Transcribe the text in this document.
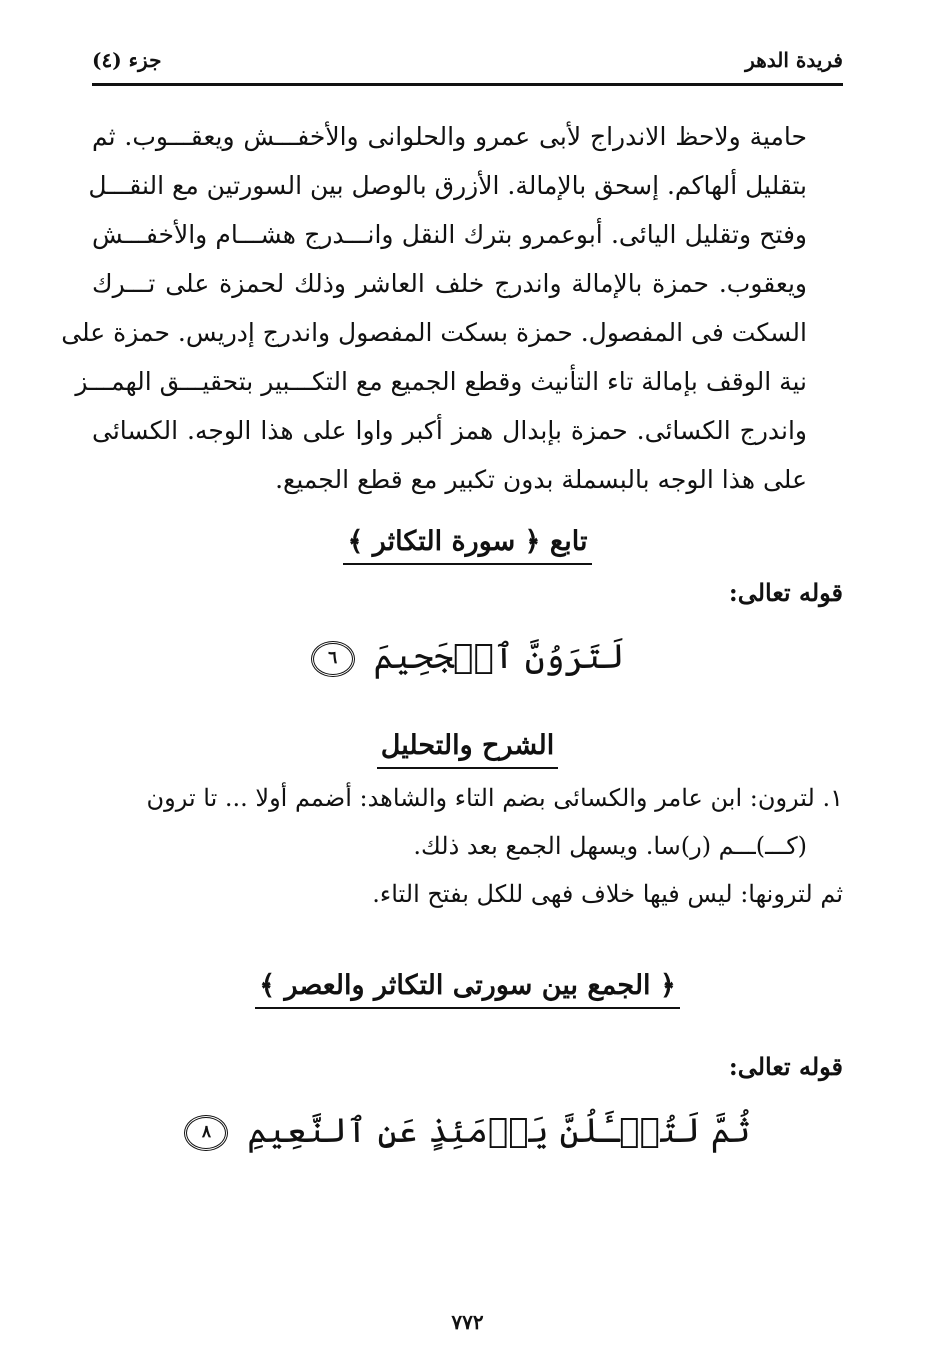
فريدة الدهر
جزء (٤)
حامية ولاحظ الاندراج لأبى عمرو والحلوانى والأخفـــش ويعقـــوب. ثم
بتقليل ألهاكم. إسحق بالإمالة. الأزرق بالوصل بين السورتين مع النقـــل
وفتح وتقليل اليائى. أبوعمرو بترك النقل وانـــدرج هشـــام والأخفـــش
ويعقوب. حمزة بالإمالة واندرج خلف العاشر وذلك لحمزة على تـــرك
السكت فى المفصول. حمزة بسكت المفصول واندرج إدريس. حمزة على
نية الوقف بإمالة تاء التأنيث وقطع الجميع مع التكـــبير بتحقيـــق الهمـــز
واندرج الكسائى. حمزة بإبدال همز أكبر واوا على هذا الوجه. الكسائى
على هذا الوجه بالبسملة بدون تكبير مع قطع الجميع.
تابع ﴿ سورة التكاثر ﴾
قوله تعالى:
لَتَرَوُنَّ ٱلۡجَحِيمَ ٦
الشرح والتحليل
١. لترون: ابن عامر والكسائى بضم التاء والشاهد: أضمم أولا ... تا ترون
(كـــ)ـــم (ر)سا. ويسهل الجمع بعد ذلك.
ثم لترونها: ليس فيها خلاف فهى للكل بفتح التاء.
﴿ الجمع بين سورتى التكاثر والعصر ﴾
قوله تعالى:
ثُمَّ لَتُسۡـَٔلُنَّ يَوۡمَئِذٍ عَنِ ٱلنَّعِيمِ ٨
٧٧٢
